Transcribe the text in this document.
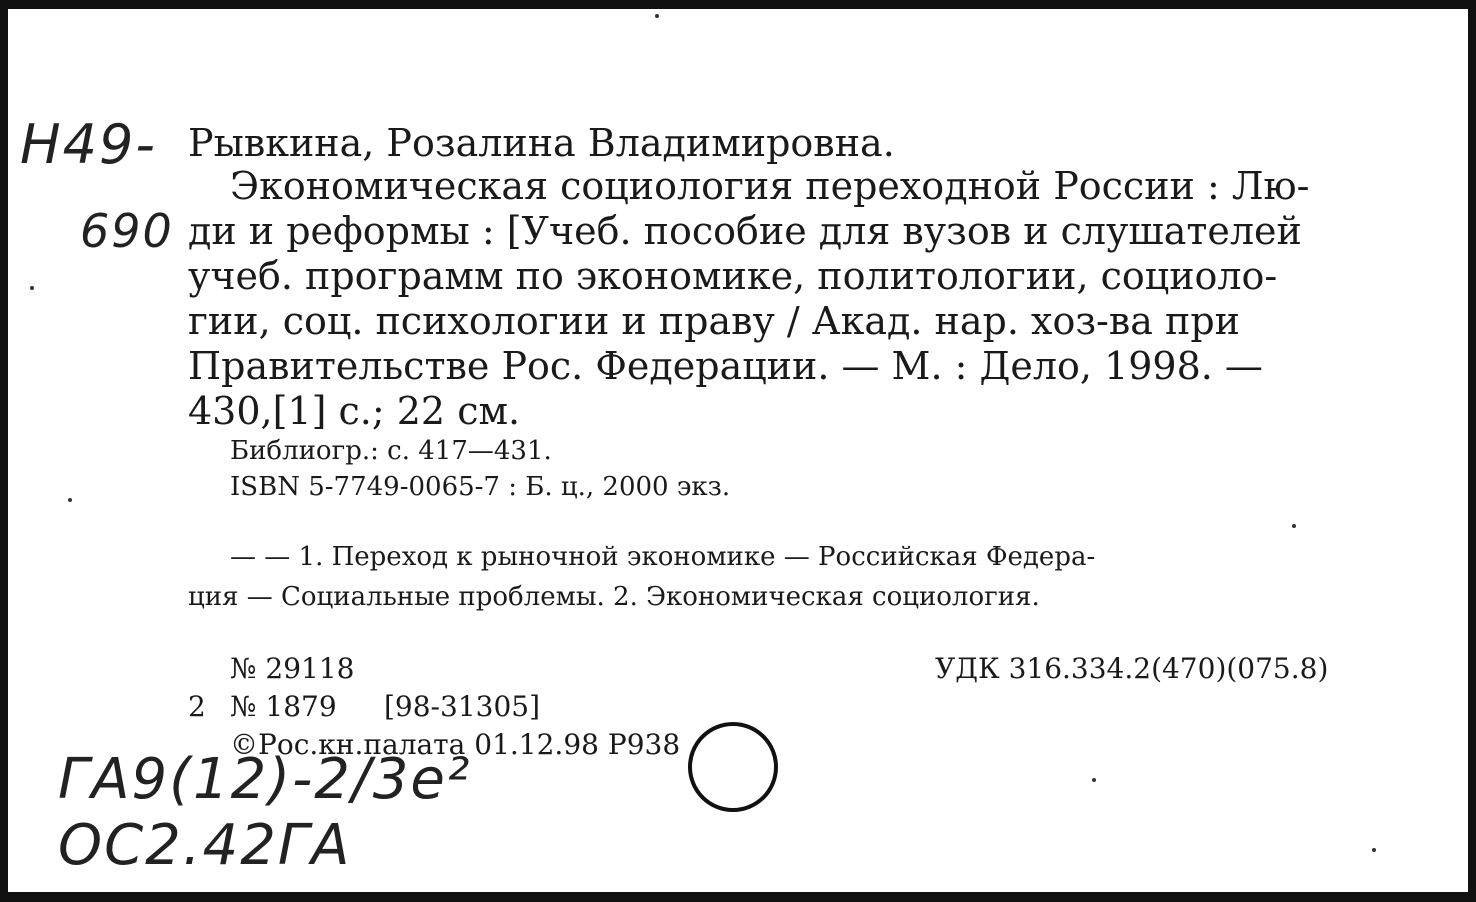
Н49-
690
Рывкина, Розалина Владимировна.
Экономическая социология переходной России : Лю-
ди и реформы : [Учеб. пособие для вузов и слушателей
учеб. программ по экономике, политологии, социоло-
гии, соц. психологии и праву / Акад. нар. хоз-ва при
Правительстве Рос. Федерации. — М. : Дело, 1998. —
430,[1] с.; 22 см.
Библиогр.: с. 417—431.
ISBN 5-7749-0065-7 : Б. ц., 2000 экз.
— — 1. Переход к рыночной экономике — Российская Федера-
ция — Социальные проблемы. 2. Экономическая социология.
№ 29118	УДК 316.334.2(470)(075.8)
2 № 1879 [98-31305]
©Рос.кн.палата 01.12.98 Р938
ГА9(12)-2/3е²
ОС2.42ГА
